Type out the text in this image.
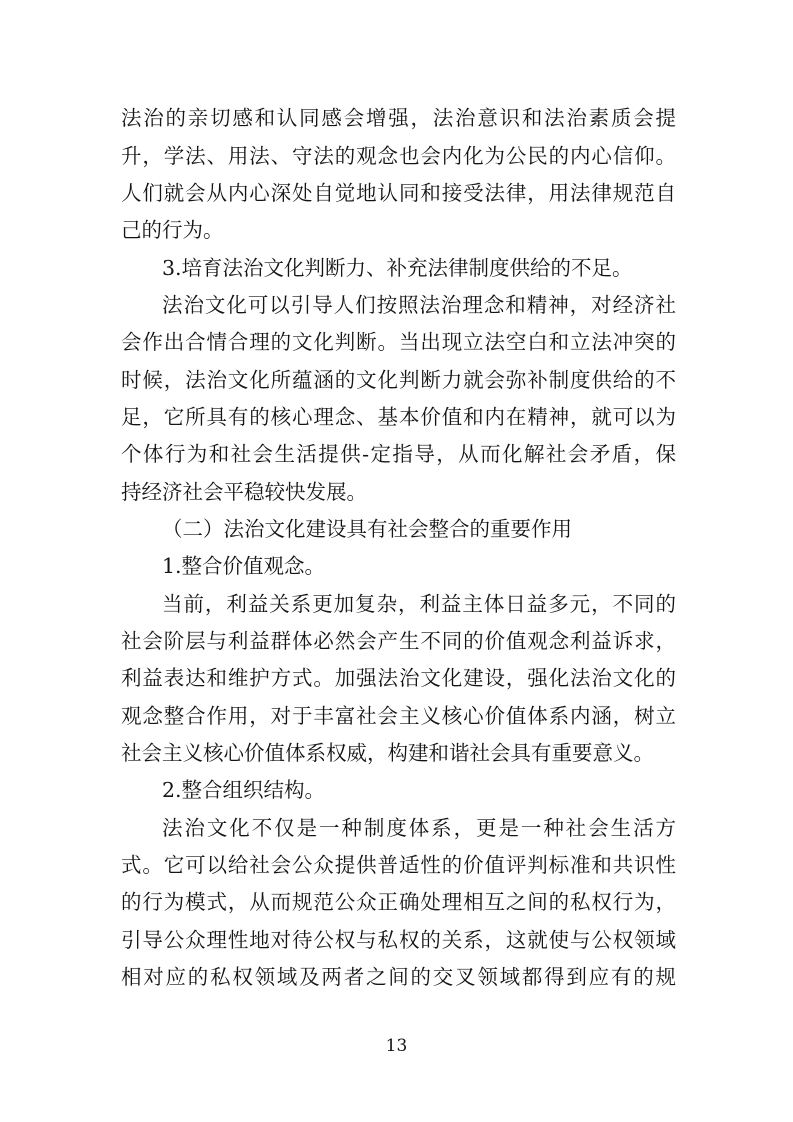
法治的亲切感和认同感会增强，法治意识和法治素质会提
升，学法、用法、守法的观念也会内化为公民的内心信仰。
人们就会从内心深处自觉地认同和接受法律，用法律规范自
己的行为。
3.培育法治文化判断力、补充法律制度供给的不足。
法治文化可以引导人们按照法治理念和精神，对经济社
会作出合情合理的文化判断。当出现立法空白和立法冲突的
时候，法治文化所蕴涵的文化判断力就会弥补制度供给的不
足，它所具有的核心理念、基本价值和内在精神，就可以为
个体行为和社会生活提供-定指导，从而化解社会矛盾，保
持经济社会平稳较快发展。
（二）法治文化建设具有社会整合的重要作用
1.整合价值观念。
当前，利益关系更加复杂，利益主体日益多元，不同的
社会阶层与利益群体必然会产生不同的价值观念利益诉求，
利益表达和维护方式。加强法治文化建设，强化法治文化的
观念整合作用，对于丰富社会主义核心价值体系内涵，树立
社会主义核心价值体系权威，构建和谐社会具有重要意义。
2.整合组织结构。
法治文化不仅是一种制度体系，更是一种社会生活方
式。它可以给社会公众提供普适性的价值评判标准和共识性
的行为模式，从而规范公众正确处理相互之间的私权行为，
引导公众理性地对待公权与私权的关系，这就使与公权领域
相对应的私权领域及两者之间的交叉领域都得到应有的规
13
